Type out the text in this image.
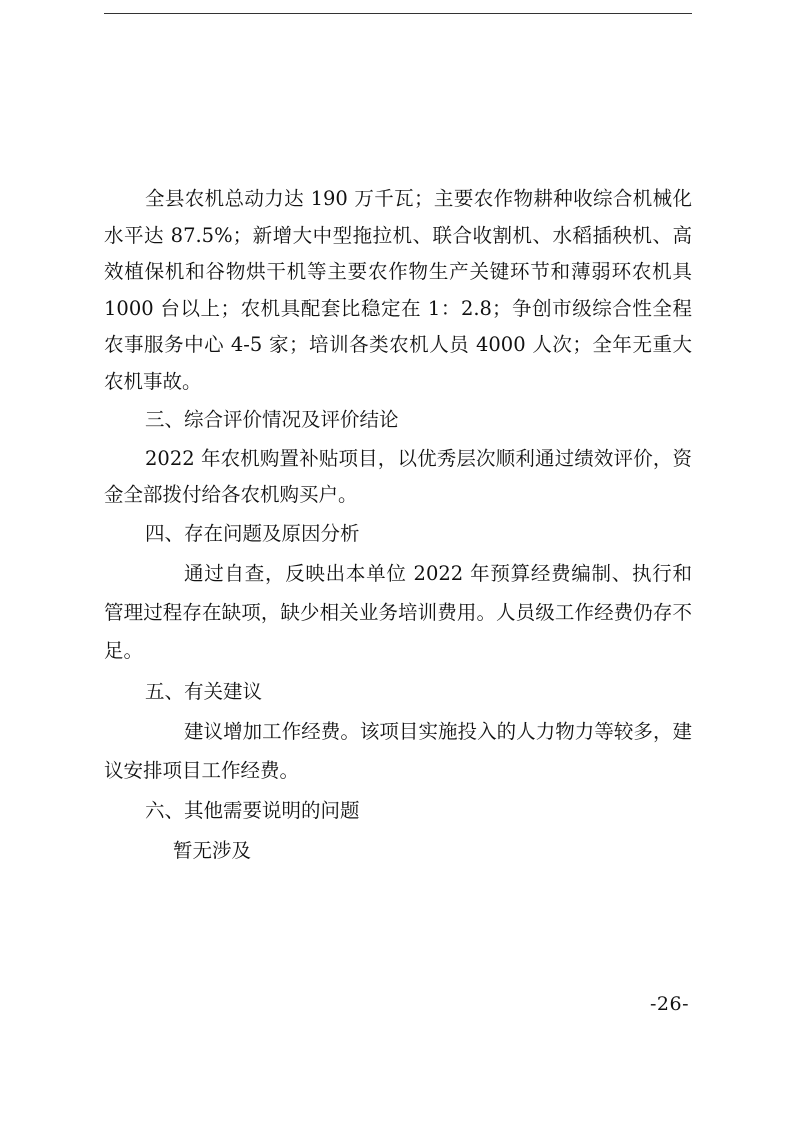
全县农机总动力达 190 万千瓦；主要农作物耕种收综合机械化水平达 87.5%；新增大中型拖拉机、联合收割机、水稻插秧机、高效植保机和谷物烘干机等主要农作物生产关键环节和薄弱环农机具 1000 台以上；农机具配套比稳定在 1：2.8；争创市级综合性全程农事服务中心 4-5 家；培训各类农机人员 4000 人次；全年无重大农机事故。

三、综合评价情况及评价结论

2022 年农机购置补贴项目，以优秀层次顺利通过绩效评价，资金全部拨付给各农机购买户。

四、存在问题及原因分析

通过自查，反映出本单位 2022 年预算经费编制、执行和管理过程存在缺项，缺少相关业务培训费用。人员级工作经费仍存不足。

五、有关建议

建议增加工作经费。该项目实施投入的人力物力等较多，建议安排项目工作经费。

六、其他需要说明的问题

暂无涉及

-26-
